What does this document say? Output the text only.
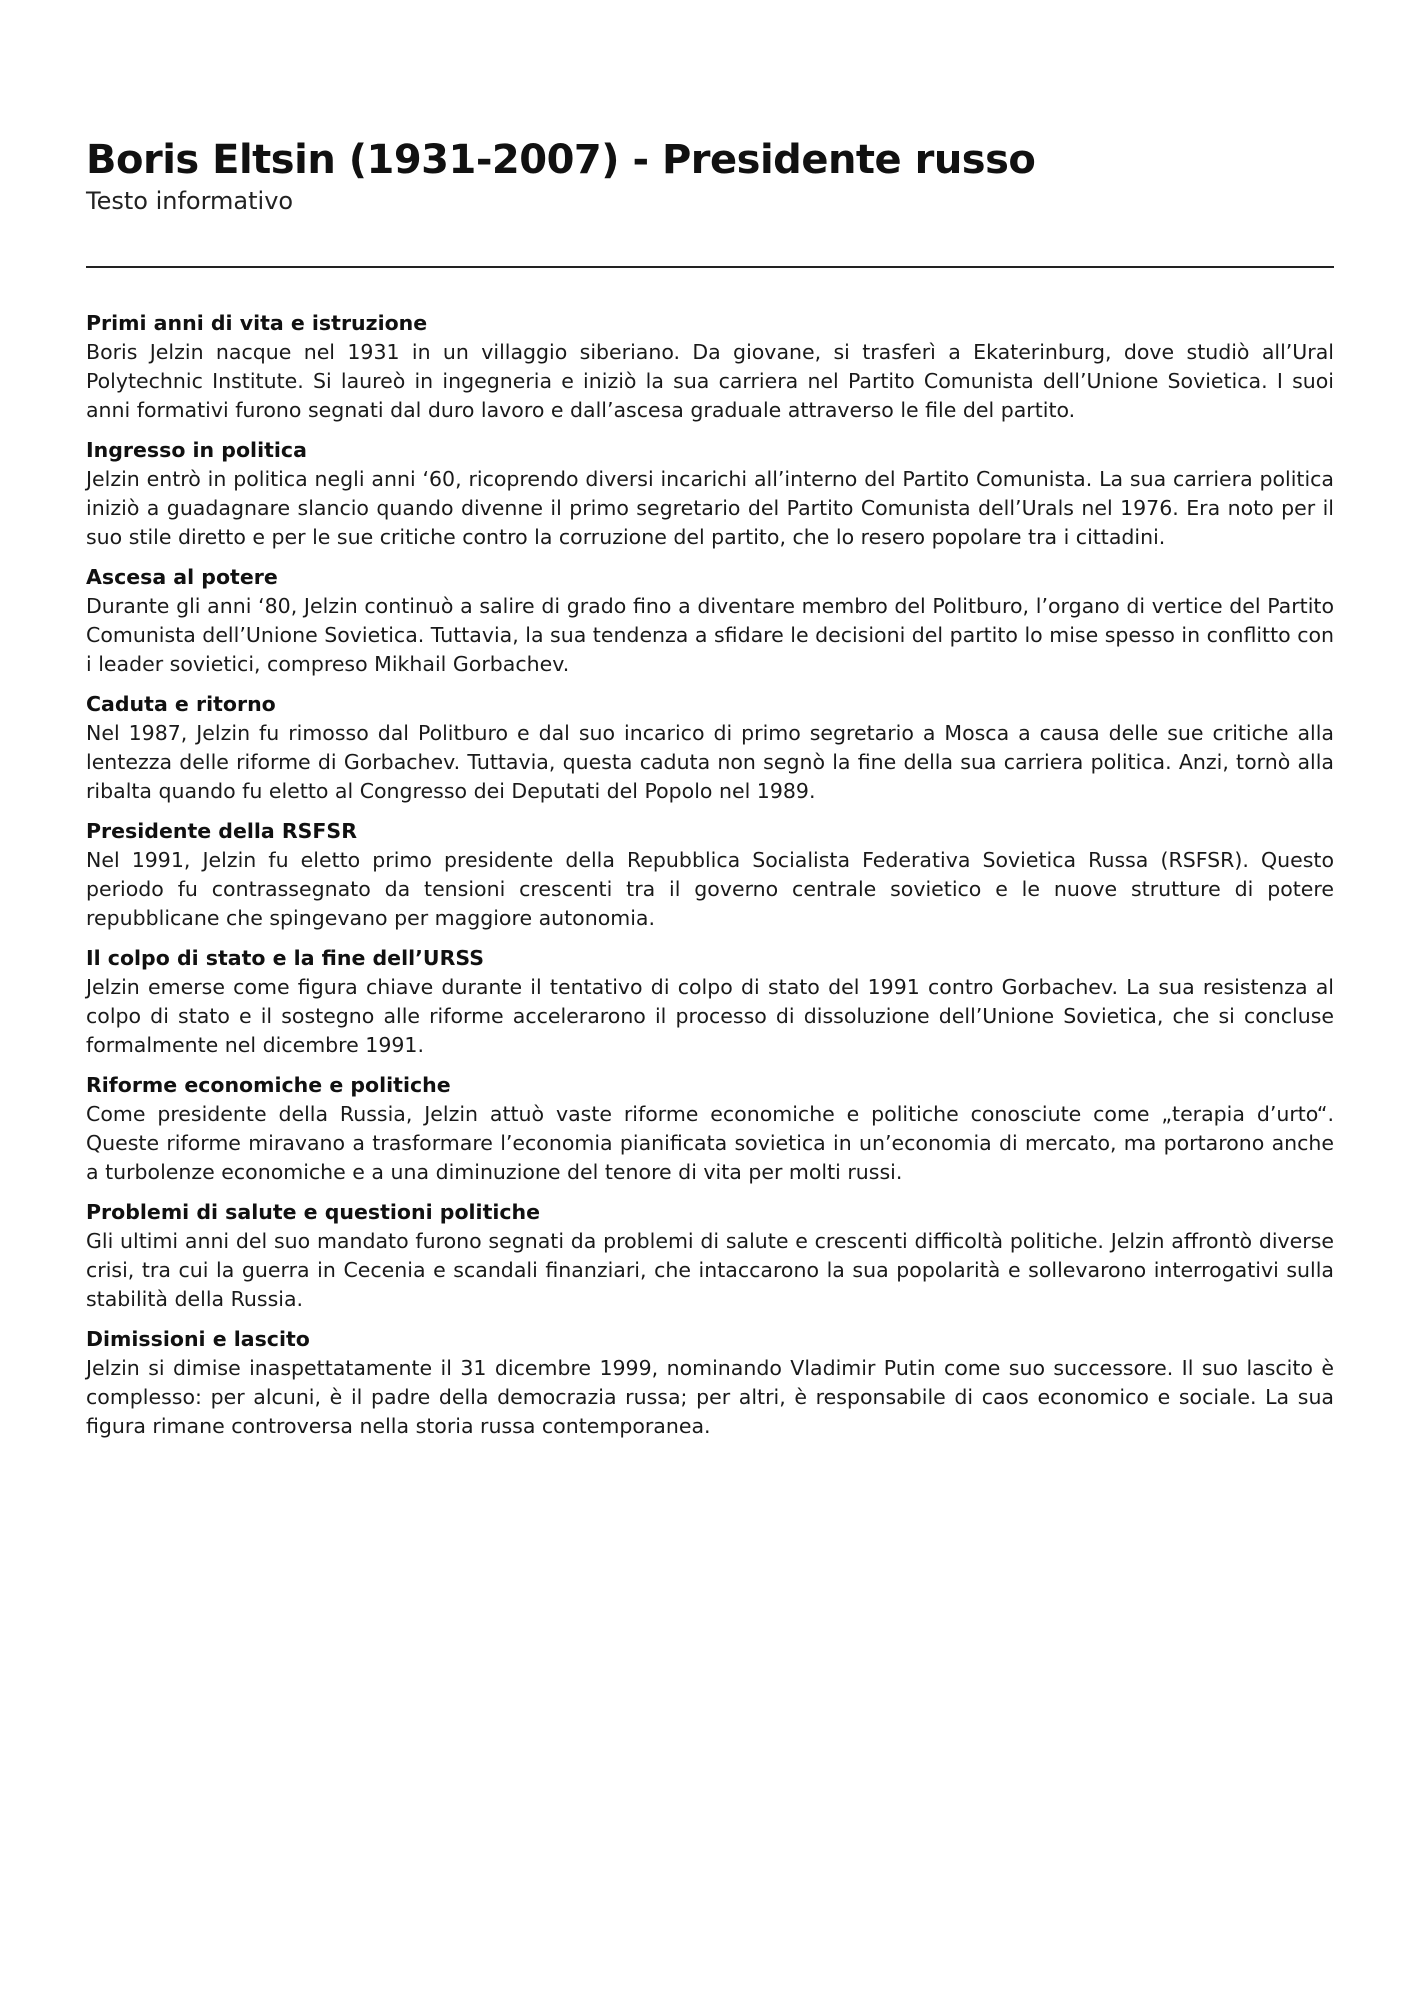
Boris Eltsin (1931-2007) - Presidente russo
Testo informativo

Primi anni di vita e istruzione

Boris Jelzin nacque nel 1931 in un villaggio siberiano. Da giovane, si trasferì a Ekaterinburg, dove studiò all’Ural Polytechnic Institute. Si laureò in ingegneria e iniziò la sua carriera nel Partito Comunista dell’Unione Sovietica. I suoi anni formativi furono segnati dal duro lavoro e dall’ascesa graduale attraverso le file del partito.

Ingresso in politica

Jelzin entrò in politica negli anni ‘60, ricoprendo diversi incarichi all’interno del Partito Comunista. La sua carriera politica iniziò a guadagnare slancio quando divenne il primo segretario del Partito Comunista dell’Urals nel 1976. Era noto per il suo stile diretto e per le sue critiche contro la corruzione del partito, che lo resero popolare tra i cittadini.

Ascesa al potere

Durante gli anni ‘80, Jelzin continuò a salire di grado fino a diventare membro del Politburo, l’organo di vertice del Partito Comunista dell’Unione Sovietica. Tuttavia, la sua tendenza a sfidare le decisioni del partito lo mise spesso in conflitto con i leader sovietici, compreso Mikhail Gorbachev.

Caduta e ritorno

Nel 1987, Jelzin fu rimosso dal Politburo e dal suo incarico di primo segretario a Mosca a causa delle sue critiche alla lentezza delle riforme di Gorbachev. Tuttavia, questa caduta non segnò la fine della sua carriera politica. Anzi, tornò alla ribalta quando fu eletto al Congresso dei Deputati del Popolo nel 1989.

Presidente della RSFSR

Nel 1991, Jelzin fu eletto primo presidente della Repubblica Socialista Federativa Sovietica Russa (RSFSR). Questo periodo fu contrassegnato da tensioni crescenti tra il governo centrale sovietico e le nuove strutture di potere repubblicane che spingevano per maggiore autonomia.

Il colpo di stato e la fine dell’URSS

Jelzin emerse come figura chiave durante il tentativo di colpo di stato del 1991 contro Gorbachev. La sua resistenza al colpo di stato e il sostegno alle riforme accelerarono il processo di dissoluzione dell’Unione Sovietica, che si concluse formalmente nel dicembre 1991.

Riforme economiche e politiche

Come presidente della Russia, Jelzin attuò vaste riforme economiche e politiche conosciute come „terapia d’urto“. Queste riforme miravano a trasformare l’economia pianificata sovietica in un’economia di mercato, ma portarono anche a turbolenze economiche e a una diminuzione del tenore di vita per molti russi.

Problemi di salute e questioni politiche

Gli ultimi anni del suo mandato furono segnati da problemi di salute e crescenti difficoltà politiche. Jelzin affrontò diverse crisi, tra cui la guerra in Cecenia e scandali finanziari, che intaccarono la sua popolarità e sollevarono interrogativi sulla stabilità della Russia.

Dimissioni e lascito

Jelzin si dimise inaspettatamente il 31 dicembre 1999, nominando Vladimir Putin come suo successore. Il suo lascito è complesso: per alcuni, è il padre della democrazia russa; per altri, è responsabile di caos economico e sociale. La sua figura rimane controversa nella storia russa contemporanea.
